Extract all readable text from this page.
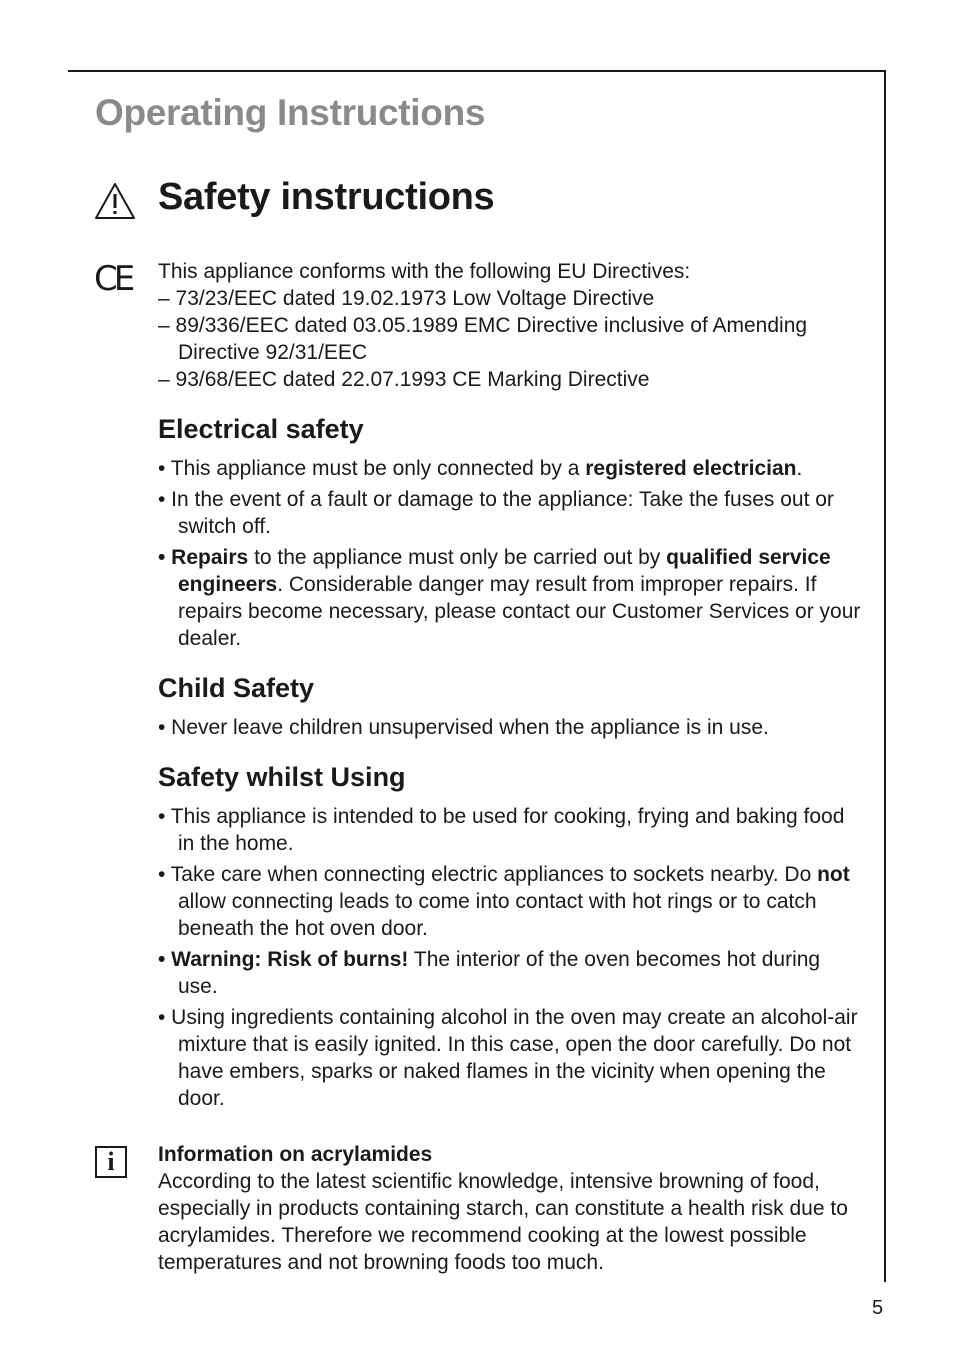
Operating Instructions
Safety instructions
CE	This appliance conforms with the following EU Directives:

– 73/23/EEC dated 19.02.1973 Low Voltage Directive
– 89/336/EEC dated 03.05.1989 EMC Directive inclusive of Amending Directive 92/31/EEC
– 93/68/EEC dated 22.07.1993 CE Marking Directive
Electrical safety
• This appliance must be only connected by a registered electrician.
• In the event of a fault or damage to the appliance: Take the fuses out or switch off.
• Repairs to the appliance must only be carried out by qualified service engineers. Considerable danger may result from improper repairs. If repairs become necessary, please contact our Customer Services or your dealer.
Child Safety
• Never leave children unsupervised when the appliance is in use.
Safety whilst Using
• This appliance is intended to be used for cooking, frying and baking food in the home.
• Take care when connecting electric appliances to sockets nearby. Do not allow connecting leads to come into contact with hot rings or to catch beneath the hot oven door.
• Warning: Risk of burns! The interior of the oven becomes hot during use.
• Using ingredients containing alcohol in the oven may create an alcohol-air mixture that is easily ignited. In this case, open the door carefully. Do not have embers, sparks or naked flames in the vicinity when opening the door.
i	Information on acrylamides
According to the latest scientific knowledge, intensive browning of food, especially in products containing starch, can constitute a health risk due to acrylamides. Therefore we recommend cooking at the lowest possible temperatures and not browning foods too much.
5
